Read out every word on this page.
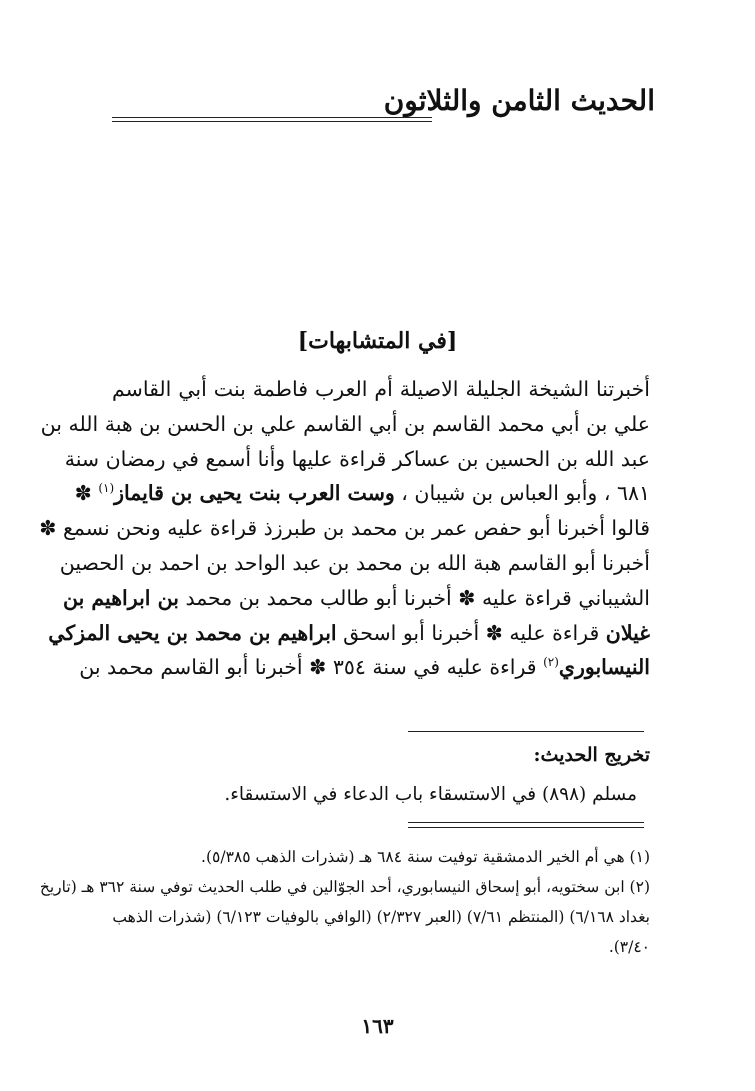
الحديث الثامن والثلاثون
[في المتشابهات]
أخبرتنا الشيخة الجليلة الاصيلة أم العرب فاطمة بنت أبي القاسم
علي بن أبي محمد القاسم بن أبي القاسم علي بن الحسن بن هبة الله بن
عبد الله بن الحسين بن عساكر قراءة عليها وأنا أسمع في رمضان سنة
٦٨١ ، وأبو العباس بن شيبان ، وست العرب بنت يحيى بن قايماز$^{(١)}$ ✽
قالوا أخبرنا أبو حفص عمر بن محمد بن طبرزذ قراءة عليه ونحن نسمع ✽
أخبرنا أبو القاسم هبة الله بن محمد بن عبد الواحد بن احمد بن الحصين
الشيباني قراءة عليه ✽ أخبرنا أبو طالب محمد بن محمد بن ابراهيم بن
غيلان قراءة عليه ✽ أخبرنا أبو اسحق ابراهيم بن محمد بن يحيى المزكي
النيسابوري$^{(٢)}$ قراءة عليه في سنة ٣٥٤ ✽ أخبرنا أبو القاسم محمد بن
تخريج الحديث:
مسلم (٨٩٨) في الاستسقاء باب الدعاء في الاستسقاء.
(١) هي أم الخير الدمشقية توفيت سنة ٦٨٤ هـ (شذرات الذهب ٥/٣٨٥).
(٢) ابن سختويه، أبو إسحاق النيسابوري، أحد الجوّالين في طلب الحديث توفي سنة ٣٦٢ هـ (تاريخ
بغداد ٦/١٦٨) (المنتظم ٧/٦١) (العبر ٢/٣٢٧) (الوافي بالوفيات ٦/١٢٣) (شذرات الذهب
٣/٤٠).
١٦٣
